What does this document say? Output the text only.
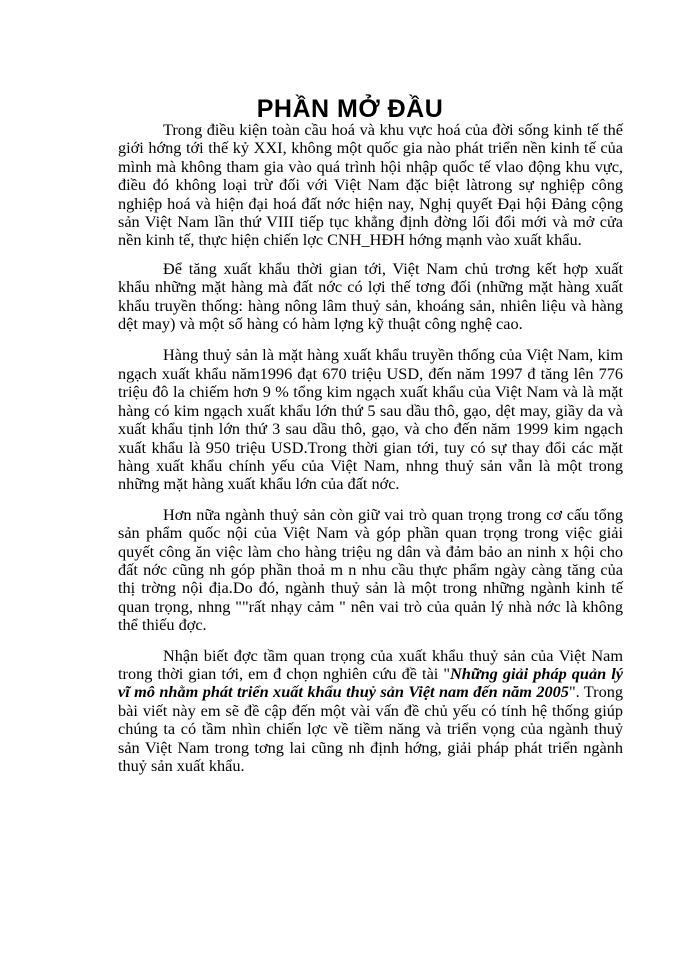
PHẦN MỞ ĐẦU

Trong điều kiện toàn cầu hoá và khu vực hoá của đời sống kinh tế thế giới hớng tới thế kỷ XXI, không một quốc gia nào phát triển nền kinh tế của mình mà không tham gia vào quá trình hội nhập quốc tế vlao động khu vực, điều đó không loại trừ đối với Việt Nam đặc biệt làtrong sự nghiệp công nghiệp hoá và hiện đại hoá đất nớc hiện nay, Nghị quyết Đại hội Đảng cộng sản Việt Nam lần thứ VIII tiếp tục khẳng định đờng lối đổi mới và mở cửa nền kinh tế, thực hiện chiến lợc CNH_HĐH hớng mạnh vào xuất khẩu.

Để tăng xuất khẩu thời gian tới, Việt Nam chủ trơng kết hợp xuất khẩu những mặt hàng mà đất nớc có lợi thế tơng đối (những mặt hàng xuất khẩu truyền thống: hàng nông lâm thuỷ sản, khoáng sản, nhiên liệu và hàng dệt may) và một số hàng có hàm lợng kỹ thuật công nghệ cao.

Hàng thuỷ sản là mặt hàng xuất khẩu truyền thống của Việt Nam, kim ngạch xuất khẩu năm1996 đạt 670 triệu USD, đến năm 1997 đ tăng lên 776 triệu đô la chiếm hơn 9 % tổng kim ngạch xuất khẩu của Việt Nam và là mặt hàng có kim ngạch xuất khẩu lớn thứ 5 sau dầu thô, gạo, dệt may, giầy da và xuất khẩu tịnh lớn thứ 3 sau dầu thô, gạo, và cho đến năm 1999 kim ngạch xuất khẩu là 950 triệu USD.Trong thời gian tới, tuy có sự thay đổi các mặt hàng xuất khẩu chính yếu của Việt Nam, nhng thuỷ sản vẫn là một trong những mặt hàng xuất khẩu lớn của đất nớc.

Hơn nữa ngành thuỷ sản còn giữ vai trò quan trọng trong cơ cấu tổng sản phẩm quốc nội của Việt Nam và góp phần quan trọng trong việc giải quyết công ăn việc làm cho hàng triệu ng dân và đảm bảo an ninh x hội cho đất nớc cũng nh góp phần thoả m n nhu cầu thực phẩm ngày càng tăng của thị trờng nội địa.Do đó, ngành thuỷ sản là một trong những ngành kinh tế quan trọng, nhng ""rất nhạy cảm " nên vai trò của quản lý nhà nớc là không thể thiếu đợc.

Nhận biết đợc tầm quan trọng của xuất khẩu thuỷ sản của Việt Nam trong thời gian tới, em đ chọn nghiên cứu đề tài "Những giải pháp quản lý vĩ mô nhằm phát triển xuất khẩu thuỷ sản Việt nam đến năm 2005". Trong bài viết này em sẽ đề cập đến một vài vấn đề chủ yếu có tính hệ thống giúp chúng ta có tầm nhìn chiến lợc về tiềm năng và triển vọng của ngành thuỷ sản Việt Nam trong tơng lai cũng nh định hớng, giải pháp phát triển ngành thuỷ sản xuất khẩu.
